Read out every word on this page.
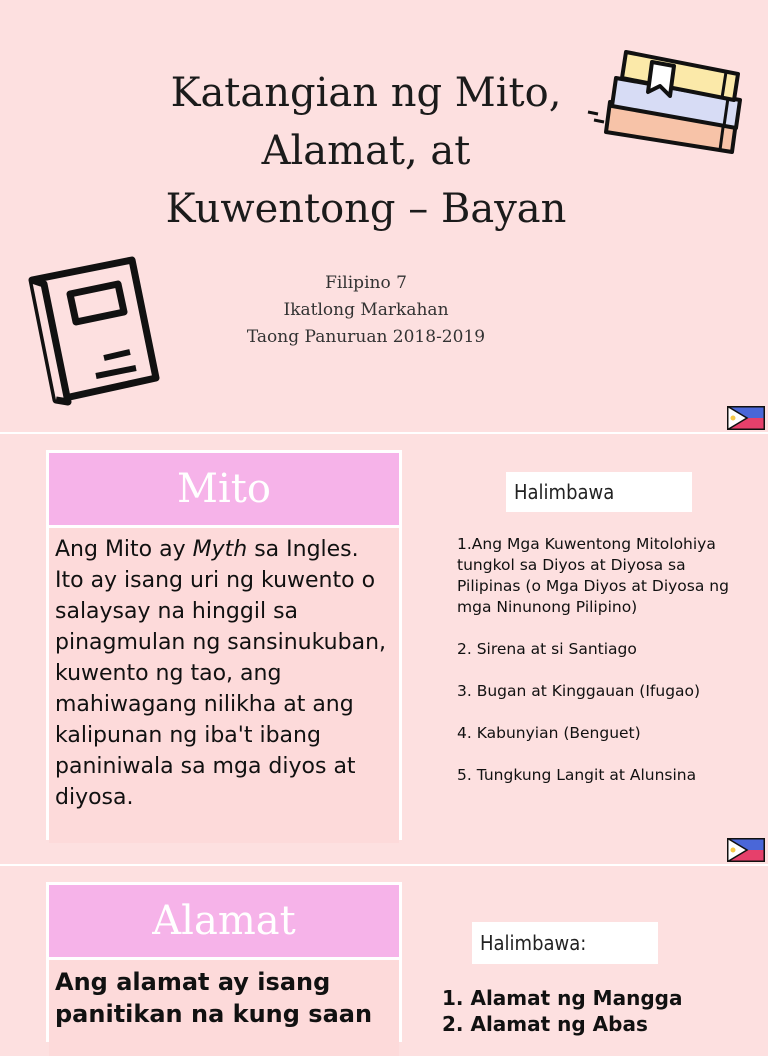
Katangian ng Mito,
Alamat, at
Kuwentong – Bayan
Filipino 7
Ikatlong Markahan
Taong Panuruan 2018-2019
Mito
Ang Mito ay Myth sa Ingles. Ito ay isang uri ng kuwento o salaysay na hinggil sa pinagmulan ng sansinukuban, kuwento ng tao, ang mahiwagang nilikha at ang kalipunan ng iba't ibang paniniwala sa mga diyos at diyosa.
Halimbawa
1.Ang Mga Kuwentong Mitolohiya tungkol sa Diyos at Diyosa sa Pilipinas (o Mga Diyos at Diyosa ng mga Ninunong Pilipino)
2. Sirena at si Santiago
3. Bugan at Kinggauan (Ifugao)
4. Kabunyian (Benguet)
5. Tungkung Langit at Alunsina
Alamat
Ang alamat ay isang panitikan na kung saan
Halimbawa:
1. Alamat ng Mangga
2. Alamat ng Abas
